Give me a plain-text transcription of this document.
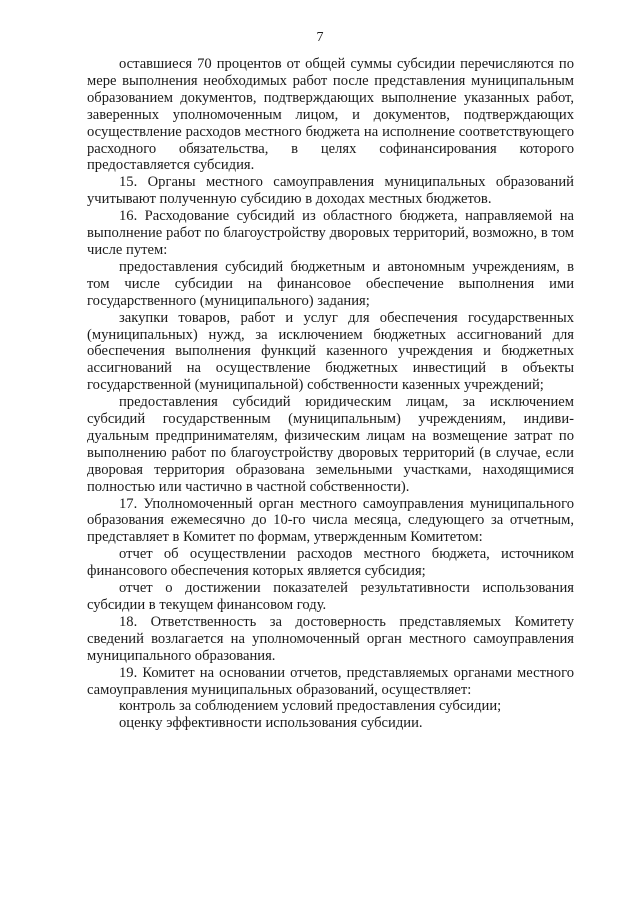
7

оставшиеся 70 процентов от общей суммы субсидии перечисляются по мере выполнения необходимых работ после представления муниципальным образованием документов, подтверждающих выполнение указанных работ, заверенных уполномоченным лицом, и документов, подтверждающих осуществление расходов местного бюджета на исполнение соответствующего расходного обязательства, в целях софинансирования которого предоставляется субсидия.

15. Органы местного самоуправления муниципальных образований учитывают полученную субсидию в доходах местных бюджетов.

16. Расходование субсидий из областного бюджета, направляемой на выполнение работ по благоустройству дворовых территорий, возможно, в том числе путем:

предоставления субсидий бюджетным и автономным учреждениям, в том числе субсидии на финансовое обеспечение выполнения ими государственного (муниципального) задания;

закупки товаров, работ и услуг для обеспечения государственных (муниципальных) нужд, за исключением бюджетных ассигнований для обеспечения выполнения функций казенного учреждения и бюджетных ассигнований на осуществление бюджетных инвестиций в объекты государственной (муниципальной) собственности казенных учреждений;

предоставления субсидий юридическим лицам, за исключением субсидий государственным (муниципальным) учреждениям, индивидуальным предпринимателям, физическим лицам на возмещение затрат по выполнению работ по благоустройству дворовых территорий (в случае, если дворовая территория образована земельными участками, находящимися полностью или частично в частной собственности).

17. Уполномоченный орган местного самоуправления муниципального образования ежемесячно до 10-го числа месяца, следующего за отчетным, представляет в Комитет по формам, утвержденным Комитетом:

отчет об осуществлении расходов местного бюджета, источником финансового обеспечения которых является субсидия;

отчет о достижении показателей результативности использования субсидии в текущем финансовом году.

18. Ответственность за достоверность представляемых Комитету сведений возлагается на уполномоченный орган местного самоуправления муниципального образования.

19. Комитет на основании отчетов, представляемых органами местного самоуправления муниципальных образований, осуществляет:

контроль за соблюдением условий предоставления субсидии;

оценку эффективности использования субсидии.
